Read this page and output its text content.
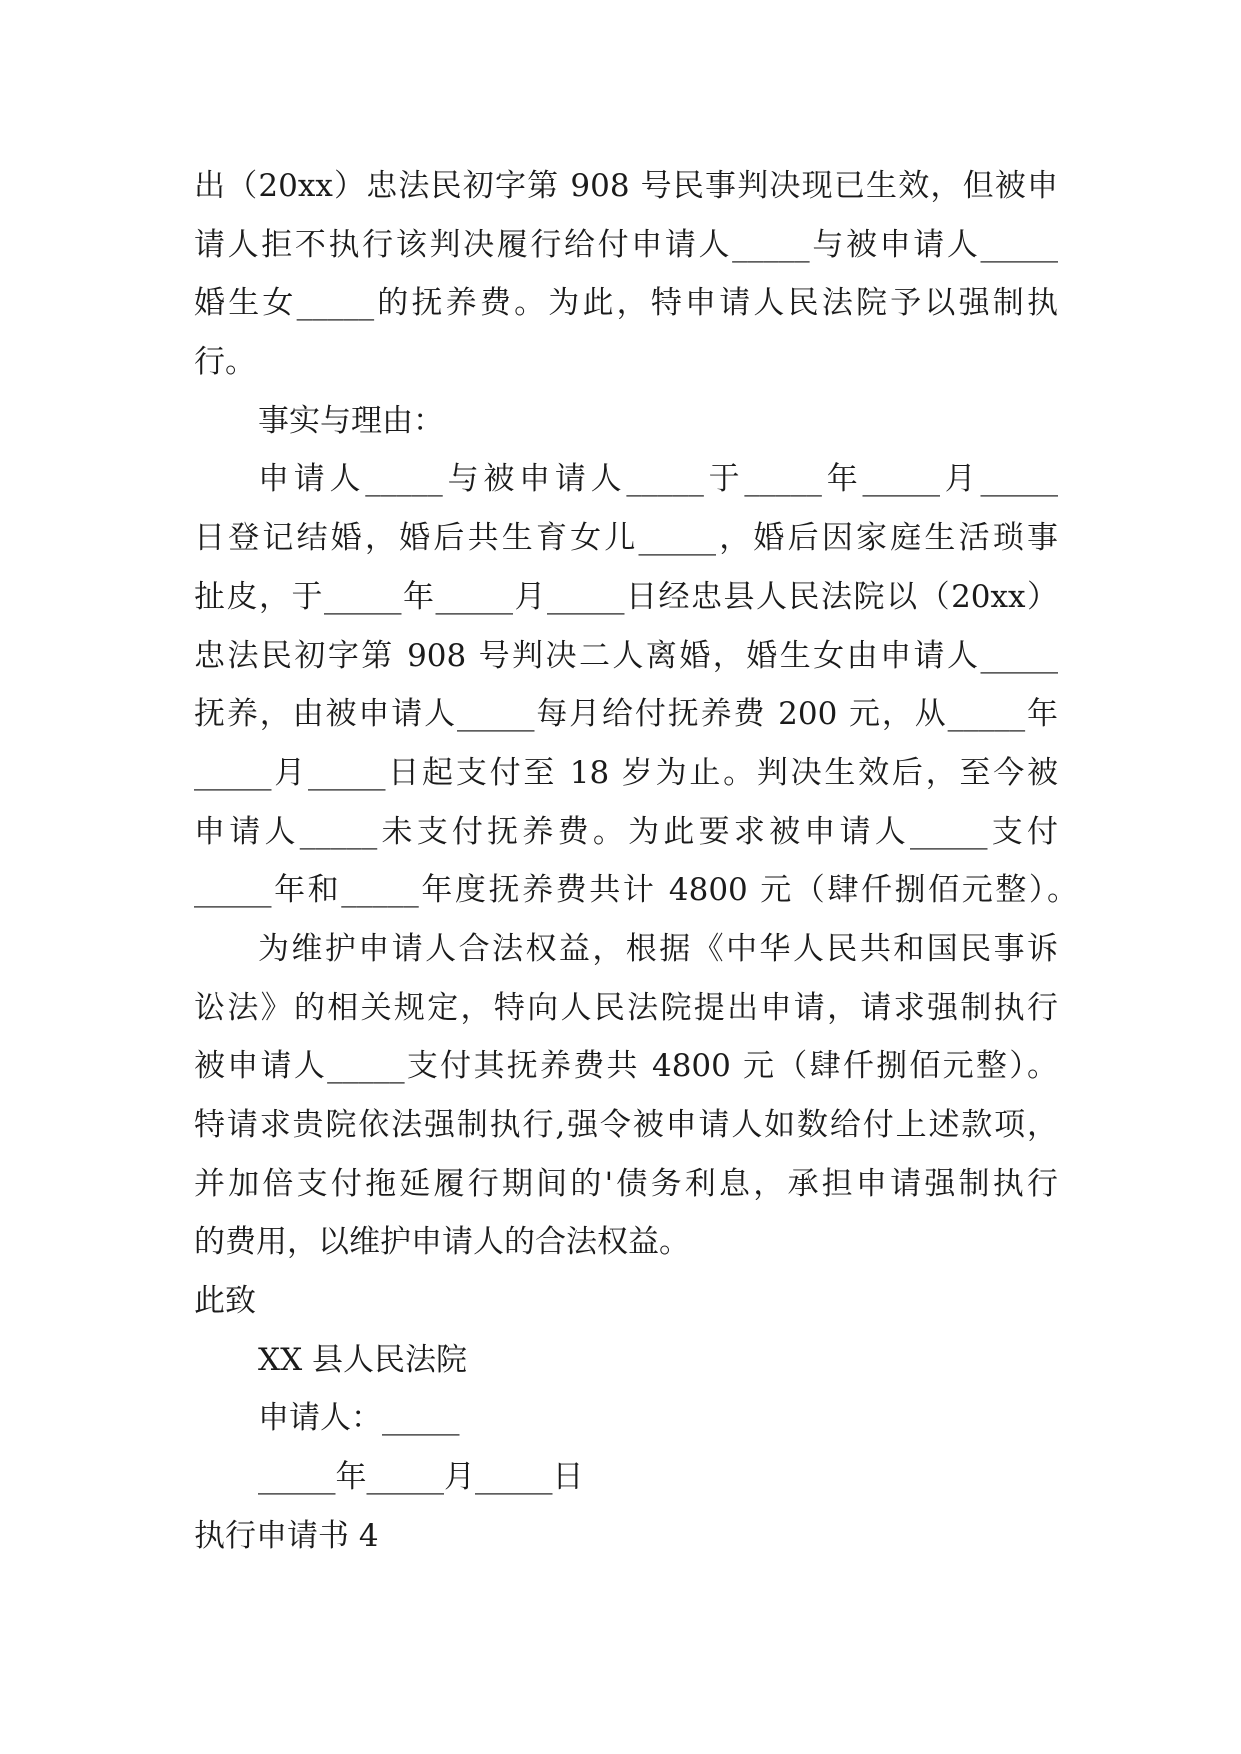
出（20xx）忠法民初字第 908 号民事判决现已生效，但被申
请人拒不执行该判决履行给付申请人_____与被申请人_____
婚生女_____的抚养费。为此，特申请人民法院予以强制执
行。
事实与理由：
申请人_____与被申请人_____于_____年_____月_____
日登记结婚，婚后共生育女儿_____，婚后因家庭生活琐事
扯皮，于_____年_____月_____日经忠县人民法院以（20xx）
忠法民初字第 908 号判决二人离婚，婚生女由申请人_____
抚养，由被申请人_____每月给付抚养费 200 元，从_____年
_____月_____日起支付至 18 岁为止。判决生效后，至今被
申请人_____未支付抚养费。为此要求被申请人_____支付
_____年和_____年度抚养费共计 4800 元（肆仟捌佰元整）。
为维护申请人合法权益，根据《中华人民共和国民事诉
讼法》的相关规定，特向人民法院提出申请，请求强制执行
被申请人_____支付其抚养费共 4800 元（肆仟捌佰元整）。
特请求贵院依法强制执行,强令被申请人如数给付上述款项，
并加倍支付拖延履行期间的'债务利息，承担申请强制执行
的费用，以维护申请人的合法权益。
此致
XX 县人民法院
申请人：_____
_____年_____月_____日
执行申请书 4
